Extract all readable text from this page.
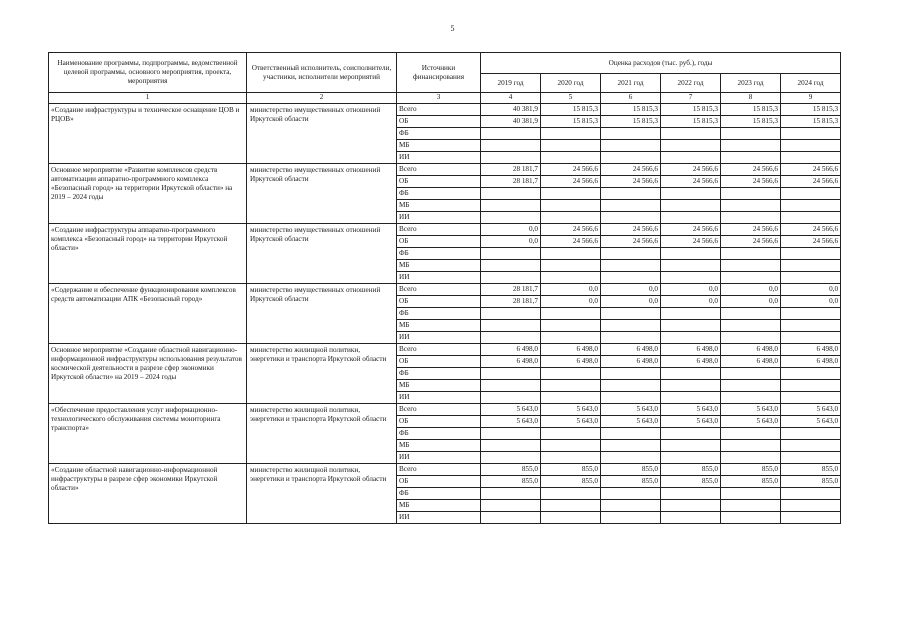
5
Наименование программы, подпрограммы, ведомственной целевой программы, основного мероприятия, проекта, мероприятия	Ответственный исполнитель, соисполнители, участники, исполнители мероприятий	Источники финансирования	Оценка расходов (тыс. руб.), годы					
			2019 год	2020 год	2021 год	2022 год	2023 год	2024 год
1	2	3	4	5	6	7	8	9
«Создание инфраструктуры и техническое оснащение ЦОВ и РЦОВ»	министерство имущественных отношений Иркутской области	Всего	40 381,9	15 815,3	15 815,3	15 815,3	15 815,3	15 815,3
		ОБ	40 381,9	15 815,3	15 815,3	15 815,3	15 815,3	15 815,3
		ФБ						
		МБ						
		ИИ						
Основное мероприятие «Развитие комплексов средств автоматизации аппаратно-программного комплекса «Безопасный город» на территории Иркутской области» на 2019 – 2024 годы	министерство имущественных отношений Иркутской области	Всего	28 181,7	24 566,6	24 566,6	24 566,6	24 566,6	24 566,6
		ОБ	28 181,7	24 566,6	24 566,6	24 566,6	24 566,6	24 566,6
		ФБ						
		МБ						
		ИИ						
«Создание инфраструктуры аппаратно-программного комплекса «Безопасный город» на территории Иркутской области»	министерство имущественных отношений Иркутской области	Всего	0,0	24 566,6	24 566,6	24 566,6	24 566,6	24 566,6
		ОБ	0,0	24 566,6	24 566,6	24 566,6	24 566,6	24 566,6
		ФБ						
		МБ						
		ИИ						
«Содержание и обеспечение функционирования комплексов средств автоматизации АПК «Безопасный город»	министерство имущественных отношений Иркутской области	Всего	28 181,7	0,0	0,0	0,0	0,0	0,0
		ОБ	28 181,7	0,0	0,0	0,0	0,0	0,0
		ФБ						
		МБ						
		ИИ						
Основное мероприятие «Создание областной навигационно-информационной инфраструктуры использования результатов космической деятельности в разрезе сфер экономики Иркутской области» на 2019 – 2024 годы	министерство жилищной политики, энергетики и транспорта Иркутской области	Всего	6 498,0	6 498,0	6 498,0	6 498,0	6 498,0	6 498,0
		ОБ	6 498,0	6 498,0	6 498,0	6 498,0	6 498,0	6 498,0
		ФБ						
		МБ						
		ИИ						
«Обеспечение предоставления услуг информационно-технологического обслуживания системы мониторинга транспорта»	министерство жилищной политики, энергетики и транспорта Иркутской области	Всего	5 643,0	5 643,0	5 643,0	5 643,0	5 643,0	5 643,0
		ОБ	5 643,0	5 643,0	5 643,0	5 643,0	5 643,0	5 643,0
		ФБ						
		МБ						
		ИИ						
«Создание областной навигационно-информационной инфраструктуры в разрезе сфер экономики Иркутской области»	министерство жилищной политики, энергетики и транспорта Иркутской области	Всего	855,0	855,0	855,0	855,0	855,0	855,0
		ОБ	855,0	855,0	855,0	855,0	855,0	855,0
		ФБ						
		МБ						
		ИИ						
